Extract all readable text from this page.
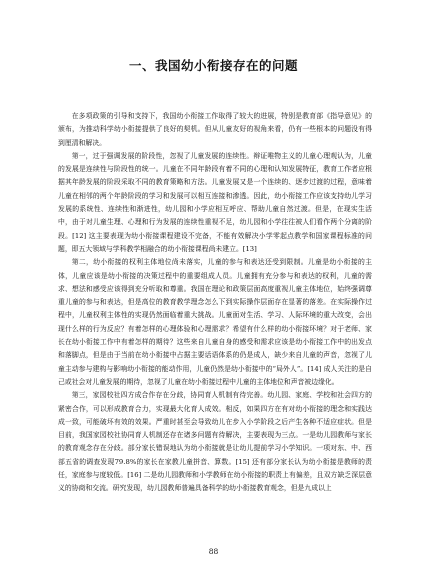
一、我国幼小衔接存在的问题

在多项政策的引导和支持下，我国幼小衔接工作取得了较大的进展，特别是教育部《指导意见》的颁布，为推动科学幼小衔接提供了良好的契机。但从儿童友好的视角来看，仍有一些根本的问题没有得到厘清和解决。

第一，过于强调发展的阶段性，忽视了儿童发展的连续性。辩证唯物主义的儿童心理观认为，儿童的发展是连续性与阶段性的统一。儿童在不同年龄段有着不同的心理和认知发展特征，教育工作者应根据其年龄发展的阶段采取不同的教育策略和方法。儿童发展又是一个连续的、逐步过渡的过程，意味着儿童在相邻的两个年龄阶段的学习和发展可以相互连接和渗透。因此，幼小衔接工作应该支持幼儿学习发展的系统性、连续性和渐进性，幼儿园和小学应相互呼应、帮助儿童自然过渡。但是，在现实生活中，由于对儿童生理、心理和行为发展的连续性重视不足，幼儿园和小学往往被人们看作两个分离的阶段。[12] 这主要表现为幼小衔接课程建设不完备，不能有效解决小学零起点教学和国家课程标准的问题，即五大领域与学科教学相融合的幼小衔接课程尚未建立。[13]

第二，幼小衔接的权利主体地位尚未落实，儿童的参与和表达还受到限制。儿童是幼小衔接的主体，儿童应该是幼小衔接的决策过程中的重要组成人员。儿童拥有充分参与和表达的权利，儿童的需求、想法和感受应该得到充分听取和尊重。我国在理论和政策层面高度重视儿童主体地位，始终强调尊重儿童的参与和表达，但是高位的教育教学理念怎么下到实际操作层面存在显著的落差。在实际操作过程中，儿童权利主体性的实现仍然面临着重大挑战。儿童面对生活、学习、人际环境的重大改变，会出现什么样的行为反应？有着怎样的心理体验和心理需求？希望有什么样的幼小衔接环境？对于老师、家长在幼小衔接工作中有着怎样的期待？这些来自儿童自身的感受和需求应该是幼小衔接工作中的出发点和落脚点，但是由于当前在幼小衔接中占据主要话语体系的仍是成人，缺少来自儿童的声音，忽视了儿童主动参与建构与影响幼小衔接的能动作用，儿童仍然是幼小衔接中的“局外人”。[14] 成人关注的是自己或社会对儿童发展的期待，忽视了儿童在幼小衔接过程中儿童的主体地位和声音被边缘化。

第三，家园校社四方成合作存在分歧，协同育人机制有待完善。幼儿园、家庭、学校和社会四方的紧密合作，可以形成教育合力，实现最大化育人成效。相反，如果四方在有对幼小衔接的理念和实践达成一致，可能破坏有效的效果。严重时甚至会导致幼儿在步入小学阶段之后产生各种不适应症状。但是目前，我国家园校社协同育人机制还存在诸多问题有待解决，主要表现为三点。一是幼儿园教师与家长的教育观念存在分歧。部分家长错误地认为幼小衔接就是让幼儿提前学习小学知识。一项对东、中、西部五省的调查发现79.8%的家长在家教儿童拼音、算数。[15] 还有部分家长认为幼小衔接是教师的责任，家庭参与度较低。[16] 二是幼儿园教师和小学教师在幼小衔接的职责上有偏差，且双方缺乏深层意义的协商和交流。研究发现，幼儿园教师普遍具备科学的幼小衔接教育观念，但是九成以上

88
